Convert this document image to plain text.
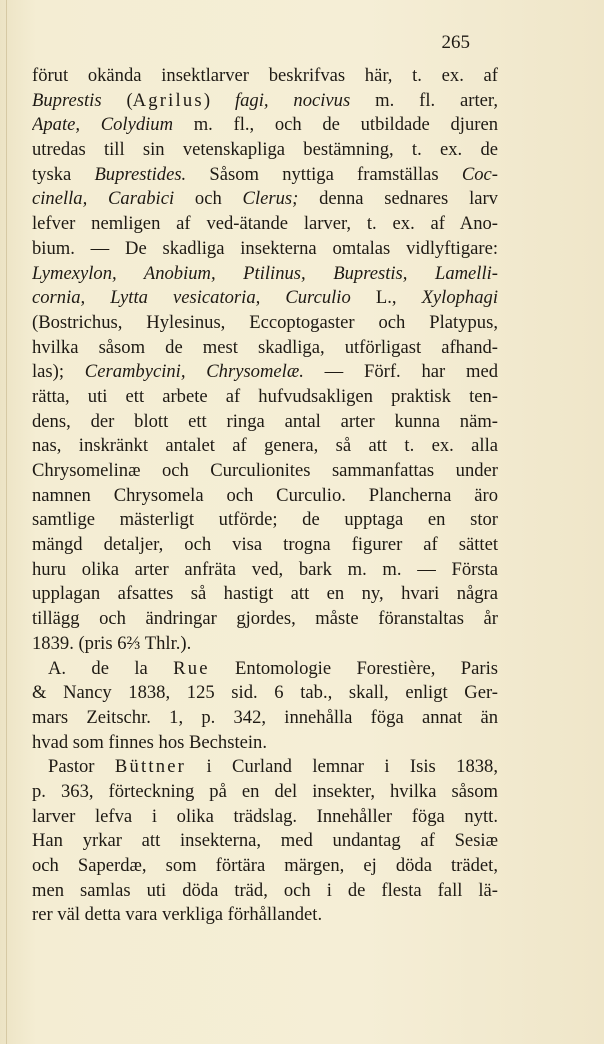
265
förut okända insektlarver beskrifvas här, t. ex. af
Buprestis (Agrilus) fagi, nocivus m. fl. arter,
Apate, Colydium m. fl., och de utbildade djuren
utredas till sin vetenskapliga bestämning, t. ex. de
tyska Buprestides. Såsom nyttiga framställas Coc-
cinella, Carabici och Clerus; denna sednares larv
lefver nemligen af ved-ätande larver, t. ex. af Ano-
bium. — De skadliga insekterna omtalas vidlyftigare:
Lymexylon, Anobium, Ptilinus, Buprestis, Lamelli-
cornia, Lytta vesicatoria, Curculio L., Xylophagi
(Bostrichus, Hylesinus, Eccoptogaster och Platypus,
hvilka såsom de mest skadliga, utförligast afhand-
las); Cerambycini, Chrysomelæ. — Förf. har med
rätta, uti ett arbete af hufvudsakligen praktisk ten-
dens, der blott ett ringa antal arter kunna näm-
nas, inskränkt antalet af genera, så att t. ex. alla
Chrysomelinæ och Curculionites sammanfattas under
namnen Chrysomela och Curculio. Plancherna äro
samtlige mästerligt utförde; de upptaga en stor
mängd detaljer, och visa trogna figurer af sättet
huru olika arter anfräta ved, bark m. m. — Första
upplagan afsattes så hastigt att en ny, hvari några
tillägg och ändringar gjordes, måste föranstaltas år
1839. (pris 6⅔ Thlr.).
A. de la Rue Entomologie Forestière, Paris
& Nancy 1838, 125 sid. 6 tab., skall, enligt Ger-
mars Zeitschr. 1, p. 342, innehålla föga annat än
hvad som finnes hos Bechstein.
Pastor Büttner i Curland lemnar i Isis 1838,
p. 363, förteckning på en del insekter, hvilka såsom
larver lefva i olika trädslag. Innehåller föga nytt.
Han yrkar att insekterna, med undantag af Sesiæ
och Saperdæ, som förtära märgen, ej döda trädet,
men samlas uti döda träd, och i de flesta fall lä-
rer väl detta vara verkliga förhållandet.
